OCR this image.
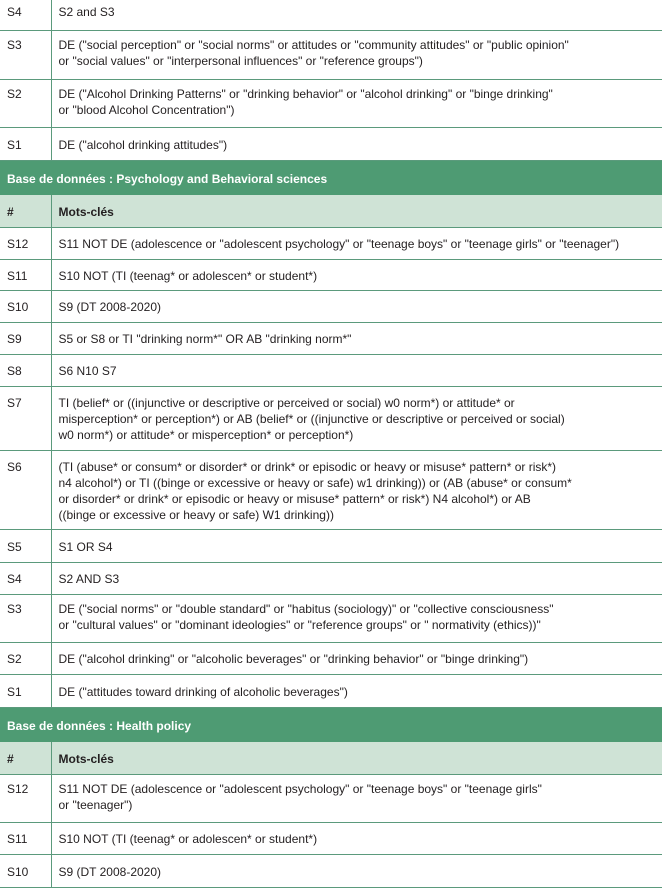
S4	S2 and S3
S3	DE ("social perception" or "social norms" or attitudes or "community attitudes" or "public opinion"
or "social values" or "interpersonal influences" or "reference groups")
S2	DE ("Alcohol Drinking Patterns" or "drinking behavior" or "alcohol drinking" or "binge drinking"
or "blood Alcohol Concentration")
S1	DE ("alcohol drinking attitudes")
Base de données : Psychology and Behavioral sciences	
#	Mots-clés
S12	S11 NOT DE (adolescence or "adolescent psychology" or "teenage boys" or "teenage girls" or "teenager")
S11	S10 NOT (TI (teenag* or adolescen* or student*)
S10	S9 (DT 2008-2020)
S9	S5 or S8 or TI "drinking norm*" OR AB "drinking norm*"
S8	S6 N10 S7
S7	TI (belief* or ((injunctive or descriptive or perceived or social) w0 norm*) or attitude* or
misperception* or perception*) or AB (belief* or ((injunctive or descriptive or perceived or social)
w0 norm*) or attitude* or misperception* or perception*)
S6	(TI (abuse* or consum* or disorder* or drink* or episodic or heavy or misuse* pattern* or risk*)
n4 alcohol*) or TI ((binge or excessive or heavy or safe) w1 drinking)) or (AB (abuse* or consum*
or disorder* or drink* or episodic or heavy or misuse* pattern* or risk*) N4 alcohol*) or AB
((binge or excessive or heavy or safe) W1 drinking))
S5	S1 OR S4
S4	S2 AND S3
S3	DE ("social norms" or "double standard" or "habitus (sociology)" or "collective consciousness"
or "cultural values" or "dominant ideologies" or "reference groups" or " normativity (ethics))"
S2	DE ("alcohol drinking" or "alcoholic beverages" or "drinking behavior" or "binge drinking")
S1	DE ("attitudes toward drinking of alcoholic beverages")
Base de données : Health policy	
#	Mots-clés
S12	S11 NOT DE (adolescence or "adolescent psychology" or "teenage boys" or "teenage girls"
or "teenager")
S11	S10 NOT (TI (teenag* or adolescen* or student*)
S10	S9 (DT 2008-2020)
